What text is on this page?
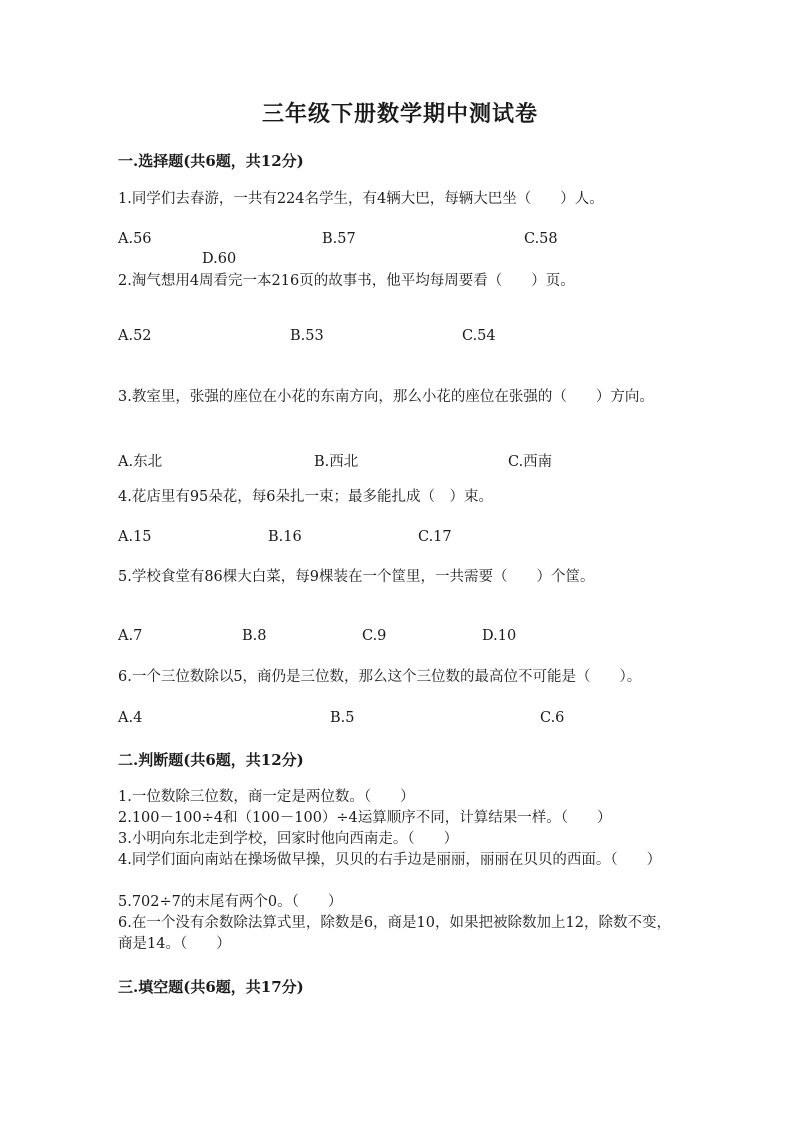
三年级下册数学期中测试卷
一.选择题(共6题，共12分)
1.同学们去春游，一共有224名学生，有4辆大巴，每辆大巴坐（　　）人。
A.56	B.57	C.58
D.60
2.淘气想用4周看完一本216页的故事书，他平均每周要看（　　）页。
A.52	B.53	C.54
3.教室里，张强的座位在小花的东南方向，那么小花的座位在张强的（　　）方向。
A.东北	B.西北	C.西南
4.花店里有95朵花，每6朵扎一束；最多能扎成（　）束。
A.15	B.16	C.17
5.学校食堂有86棵大白菜，每9棵装在一个筐里，一共需要（　　）个筐。
A.7	B.8	C.9	D.10
6.一个三位数除以5，商仍是三位数，那么这个三位数的最高位不可能是（　　）。
A.4	B.5	C.6
二.判断题(共6题，共12分)
1.一位数除三位数，商一定是两位数。（　　）
2.100－100÷4和（100－100）÷4运算顺序不同，计算结果一样。（　　）
3.小明向东北走到学校，回家时他向西南走。（　　）
4.同学们面向南站在操场做早操，贝贝的右手边是丽丽，丽丽在贝贝的西面。（　　）
5.702÷7的末尾有两个0。（　　）
6.在一个没有余数除法算式里，除数是6，商是10，如果把被除数加上12，除数不变，商是14。（　　）
三.填空题(共6题，共17分)
